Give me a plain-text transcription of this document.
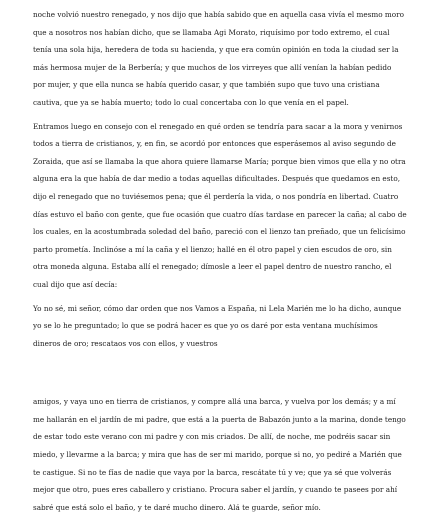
noche volvió nuestro renegado, y nos dijo que había sabido que en aquella casa vivía el mesmo moro
que a nosotros nos habían dicho, que se llamaba Agi Morato, riquísimo por todo extremo, el cual
tenía una sola hija, heredera de toda su hacienda, y que era común opinión en toda la ciudad ser la
más hermosa mujer de la Berbería; y que muchos de los virreyes que allí venían la habían pedido
por mujer, y que ella nunca se había querido casar, y que también supo que tuvo una cristiana
cautiva, que ya se había muerto; todo lo cual concertaba con lo que venía en el papel.

Entramos luego en consejo con el renegado en qué orden se tendría para sacar a la mora y venirnos
todos a tierra de cristianos, y, en fin, se acordó por entonces que esperásemos al aviso segundo de
Zoraida, que así se llamaba la que ahora quiere llamarse María; porque bien vimos que ella y no otra
alguna era la que había de dar medio a todas aquellas dificultades. Después que quedamos en esto,
dijo el renegado que no tuviésemos pena; que él perdería la vida, o nos pondría en libertad. Cuatro
días estuvo el baño con gente, que fue ocasión que cuatro días tardase en parecer la caña; al cabo de
los cuales, en la acostumbrada soledad del baño, pareció con el lienzo tan preñado, que un felicísimo
parto prometía. Inclinóse a mí la caña y el lienzo; hallé en él otro papel y cien escudos de oro, sin
otra moneda alguna. Estaba allí el renegado; dímosle a leer el papel dentro de nuestro rancho, el
cual dijo que así decía:

Yo no sé, mi señor, cómo dar orden que nos Vamos a España, ni Lela Marién me lo ha dicho, aunque
yo se lo he preguntado; lo que se podrá hacer es que yo os daré por esta ventana muchísimos
dineros de oro; rescataos vos con ellos, y vuestros

amigos, y vaya uno en tierra de cristianos, y compre allá una barca, y vuelva por los demás; y a mí
me hallarán en el jardín de mi padre, que está a la puerta de Babazón junto a la marina, donde tengo
de estar todo este verano con mi padre y con mis criados. De allí, de noche, me podréis sacar sin
miedo, y llevarme a la barca; y mira que has de ser mi marido, porque si no, yo pediré a Marién que
te castigue. Si no te fías de nadie que vaya por la barca, rescátate tú y ve; que ya sé que volverás
mejor que otro, pues eres caballero y cristiano. Procura saber el jardín, y cuando te pasees por ahí
sabré que está solo el baño, y te daré mucho dinero. Alá te guarde, señor mío.
